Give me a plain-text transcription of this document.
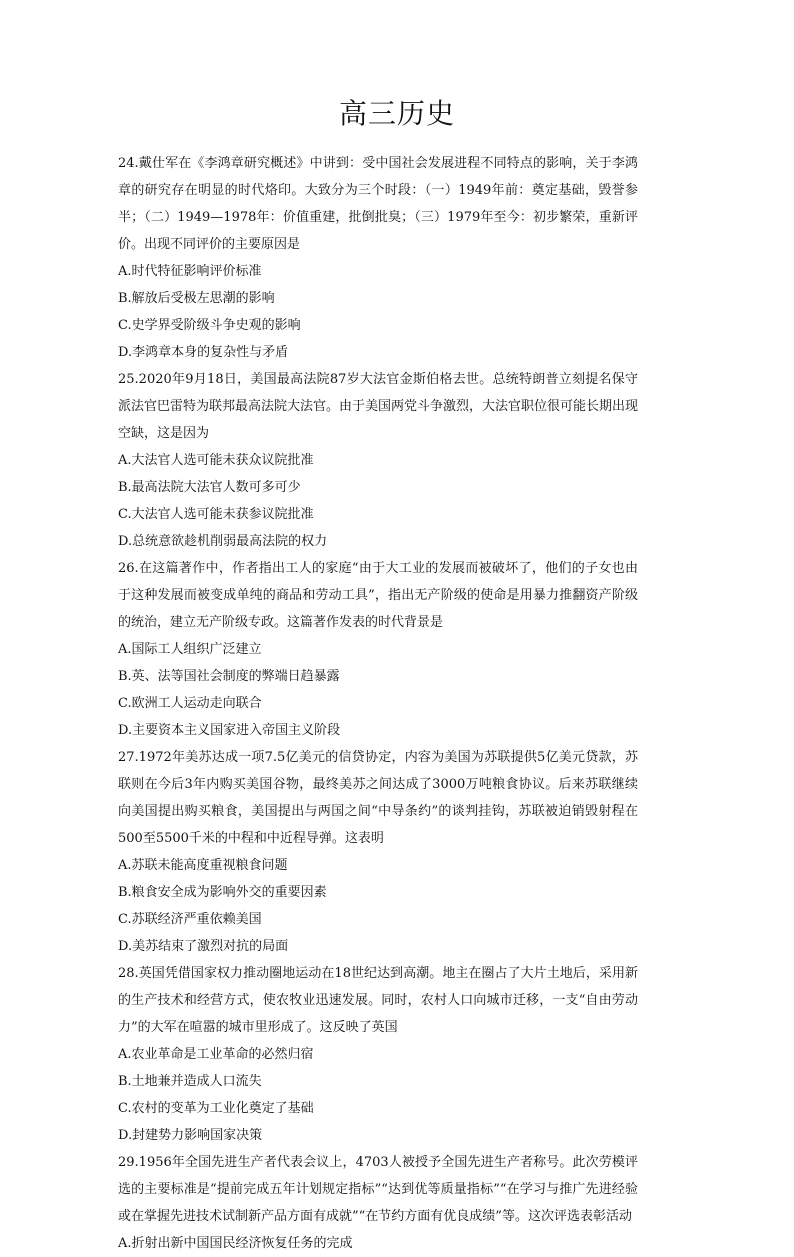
高三历史

24.戴仕军在《李鸿章研究概述》中讲到：受中国社会发展进程不同特点的影响，关于李鸿章的研究存在明显的时代烙印。大致分为三个时段：（一）1949年前：奠定基础，毁誉参半；（二）1949—1978年：价值重建，批倒批臭；（三）1979年至今：初步繁荣，重新评价。出现不同评价的主要原因是

A.时代特征影响评价标准
B.解放后受极左思潮的影响
C.史学界受阶级斗争史观的影响
D.李鸿章本身的复杂性与矛盾

25.2020年9月18日，美国最高法院87岁大法官金斯伯格去世。总统特朗普立刻提名保守派法官巴雷特为联邦最高法院大法官。由于美国两党斗争激烈，大法官职位很可能长期出现空缺，这是因为

A.大法官人选可能未获众议院批准
B.最高法院大法官人数可多可少
C.大法官人选可能未获参议院批准
D.总统意欲趁机削弱最高法院的权力

26.在这篇著作中，作者指出工人的家庭“由于大工业的发展而被破坏了，他们的子女也由于这种发展而被变成单纯的商品和劳动工具”，指出无产阶级的使命是用暴力推翻资产阶级的统治，建立无产阶级专政。这篇著作发表的时代背景是

A.国际工人组织广泛建立
B.英、法等国社会制度的弊端日趋暴露
C.欧洲工人运动走向联合
D.主要资本主义国家进入帝国主义阶段

27.1972年美苏达成一项7.5亿美元的信贷协定，内容为美国为苏联提供5亿美元贷款，苏联则在今后3年内购买美国谷物，最终美苏之间达成了3000万吨粮食协议。后来苏联继续向美国提出购买粮食，美国提出与两国之间“中导条约”的谈判挂钩，苏联被迫销毁射程在500至5500千米的中程和中近程导弹。这表明

A.苏联未能高度重视粮食问题
B.粮食安全成为影响外交的重要因素
C.苏联经济严重依赖美国
D.美苏结束了激烈对抗的局面

28.英国凭借国家权力推动圈地运动在18世纪达到高潮。地主在圈占了大片土地后，采用新的生产技术和经营方式，使农牧业迅速发展。同时，农村人口向城市迁移，一支“自由劳动力”的大军在喧嚣的城市里形成了。这反映了英国

A.农业革命是工业革命的必然归宿
B.土地兼并造成人口流失
C.农村的变革为工业化奠定了基础
D.封建势力影响国家决策

29.1956年全国先进生产者代表会议上，4703人被授予全国先进生产者称号。此次劳模评选的主要标准是“提前完成五年计划规定指标”“达到优等质量指标”“在学习与推广先进经验或在掌握先进技术试制新产品方面有成就”“在节约方面有优良成绩”等。这次评选表彰活动

A.折射出新中国国民经济恢复任务的完成
